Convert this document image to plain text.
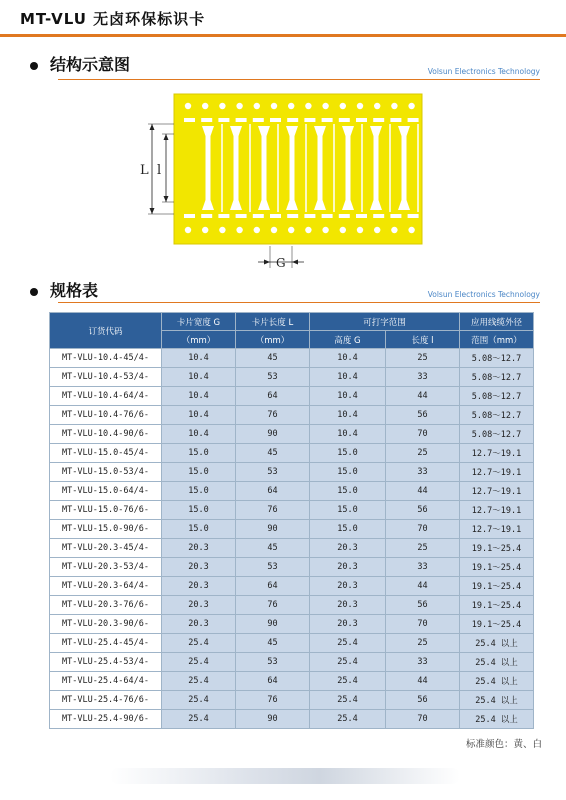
MT-VLU 无卤环保标识卡
结构示意图	Volsun Electronics Technology
L l
G
规格表	Volsun Electronics Technology
订货代码	卡片宽度 G	卡片长度 L	可打字范围		应用线缆外径
	（mm）	（mm）	高度 G	长度 l	范围（mm）
MT-VLU-10.4-45/4-	10.4	45	10.4	25	5.08～12.7
MT-VLU-10.4-53/4-	10.4	53	10.4	33	5.08～12.7
MT-VLU-10.4-64/4-	10.4	64	10.4	44	5.08～12.7
MT-VLU-10.4-76/6-	10.4	76	10.4	56	5.08～12.7
MT-VLU-10.4-90/6-	10.4	90	10.4	70	5.08～12.7
MT-VLU-15.0-45/4-	15.0	45	15.0	25	12.7～19.1
MT-VLU-15.0-53/4-	15.0	53	15.0	33	12.7～19.1
MT-VLU-15.0-64/4-	15.0	64	15.0	44	12.7～19.1
MT-VLU-15.0-76/6-	15.0	76	15.0	56	12.7～19.1
MT-VLU-15.0-90/6-	15.0	90	15.0	70	12.7～19.1
MT-VLU-20.3-45/4-	20.3	45	20.3	25	19.1～25.4
MT-VLU-20.3-53/4-	20.3	53	20.3	33	19.1～25.4
MT-VLU-20.3-64/4-	20.3	64	20.3	44	19.1～25.4
MT-VLU-20.3-76/6-	20.3	76	20.3	56	19.1～25.4
MT-VLU-20.3-90/6-	20.3	90	20.3	70	19.1～25.4
MT-VLU-25.4-45/4-	25.4	45	25.4	25	25.4 以上
MT-VLU-25.4-53/4-	25.4	53	25.4	33	25.4 以上
MT-VLU-25.4-64/4-	25.4	64	25.4	44	25.4 以上
MT-VLU-25.4-76/6-	25.4	76	25.4	56	25.4 以上
MT-VLU-25.4-90/6-	25.4	90	25.4	70	25.4 以上
标准颜色：黄、白
